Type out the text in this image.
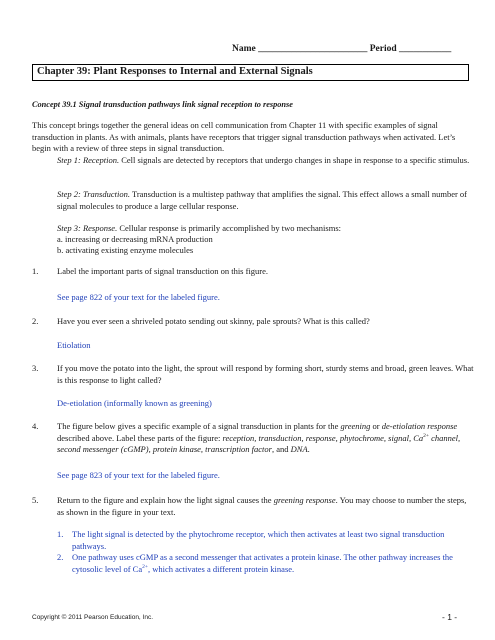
Name _______________________ Period ___________
Chapter 39: Plant Responses to Internal and External Signals
Concept 39.1 Signal transduction pathways link signal reception to response
This concept brings together the general ideas on cell communication from Chapter 11 with specific examples of signal transduction in plants. As with animals, plants have receptors that trigger signal transduction pathways when activated. Let’s begin with a review of three steps in signal transduction.
Step 1: Reception. Cell signals are detected by receptors that undergo changes in shape in response to a specific stimulus.
Step 2: Transduction. Transduction is a multistep pathway that amplifies the signal. This effect allows a small number of signal molecules to produce a large cellular response.
Step 3: Response. Cellular response is primarily accomplished by two mechanisms:
a. increasing or decreasing mRNA production
b. activating existing enzyme molecules
1. Label the important parts of signal transduction on this figure.
See page 822 of your text for the labeled figure.
2. Have you ever seen a shriveled potato sending out skinny, pale sprouts? What is this called?
Etiolation
3. If you move the potato into the light, the sprout will respond by forming short, sturdy stems and broad, green leaves. What is this response to light called?
De-etiolation (informally known as greening)
4. The figure below gives a specific example of a signal transduction in plants for the greening or de-etiolation response described above. Label these parts of the figure: reception, transduction, response, phytochrome, signal, $Ca^{2+}$ channel, second messenger (cGMP), protein kinase, transcription factor, and DNA.
See page 823 of your text for the labeled figure.
5. Return to the figure and explain how the light signal causes the greening response. You may choose to number the steps, as shown in the figure in your text.
1. The light signal is detected by the phytochrome receptor, which then activates at least two signal transduction pathways.
2. One pathway uses cGMP as a second messenger that activates a protein kinase. The other pathway increases the cytosolic level of $Ca^{2+}$, which activates a different protein kinase.
Copyright © 2011 Pearson Education, Inc.	- 1 -
